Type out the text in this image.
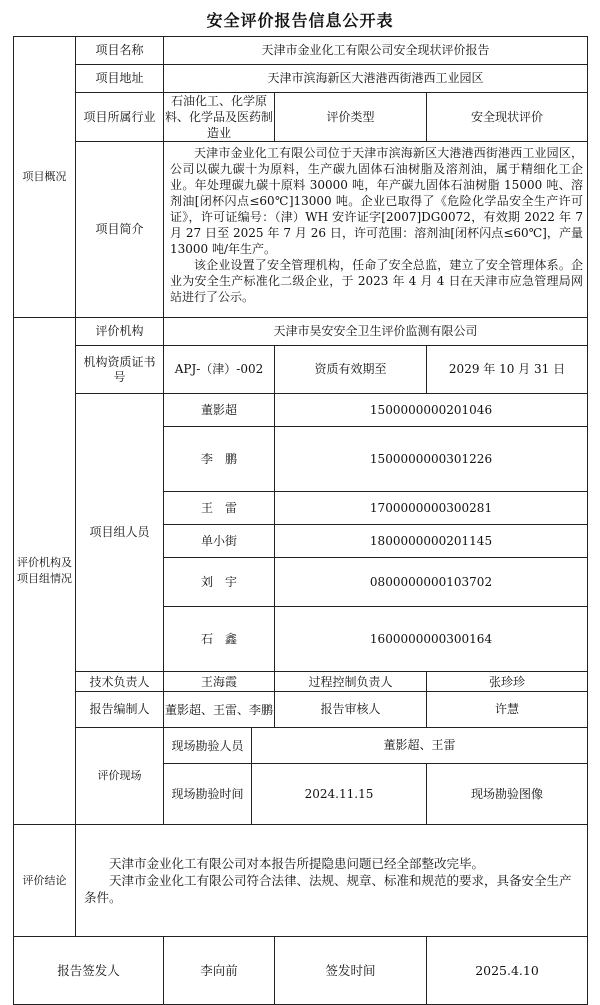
安全评价报告信息公开表
项目概况	项目名称	天津市金业化工有限公司安全现状评价报告				
	项目地址	天津市滨海新区大港港西街港西工业园区				
	项目所属行业	石油化工、化学原料、化学品及医药制造业		评价类型	安全现状评价	
	项目简介	天津市金业化工有限公司位于天津市滨海新区大港港西街港西工业园区，公司以碳九碳十为原料，生产碳九固体石油树脂及溶剂油，属于精细化工企业。年处理碳九碳十原料 30000 吨，年产碳九固体石油树脂 15000 吨、溶剂油[闭杯闪点≤60℃]13000 吨。企业已取得了《危险化学品安全生产许可证》，许可证编号：（津）WH 安许证字[2007]DG0072，有效期 2022 年 7 月 27 日至 2025 年 7 月 26 日，许可范围：溶剂油[闭杯闪点≤60℃]，产量 13000 吨/年生产。

该企业设置了安全管理机构，任命了安全总监，建立了安全管理体系。企业为安全生产标准化二级企业，于 2023 年 4 月 4 日在天津市应急管理局网站进行了公示。				

评价机构及项目组情况	评价机构	天津市昊安安全卫生评价监测有限公司				
	机构资质证书号	APJ-（津）-002		资质有效期至	2029 年 10 月 31 日	
	项目组人员	董影超		1500000000201046	
		李　鹏		1500000000301226	
		王　雷		1700000000300281	
		单小街		1800000000201145	
		刘　宇		0800000000103702	
		石　鑫		1600000000300164	
	技术负责人	王海霞		过程控制负责人	张珍珍	
	报告编制人	董影超、王雷、李鹏		报告审核人	许慧	
	评价现场	现场勘验人员	董影超、王雷			
		现场勘验时间	2024.11.15		现场勘验图像	
评价结论	天津市金业化工有限公司对本报告所提隐患问题已经全部整改完毕。

天津市金业化工有限公司符合法律、法规、规章、标准和规范的要求，具备安全生产条件。					

报告签发人		李向前		签发时间	2025.4.10	
